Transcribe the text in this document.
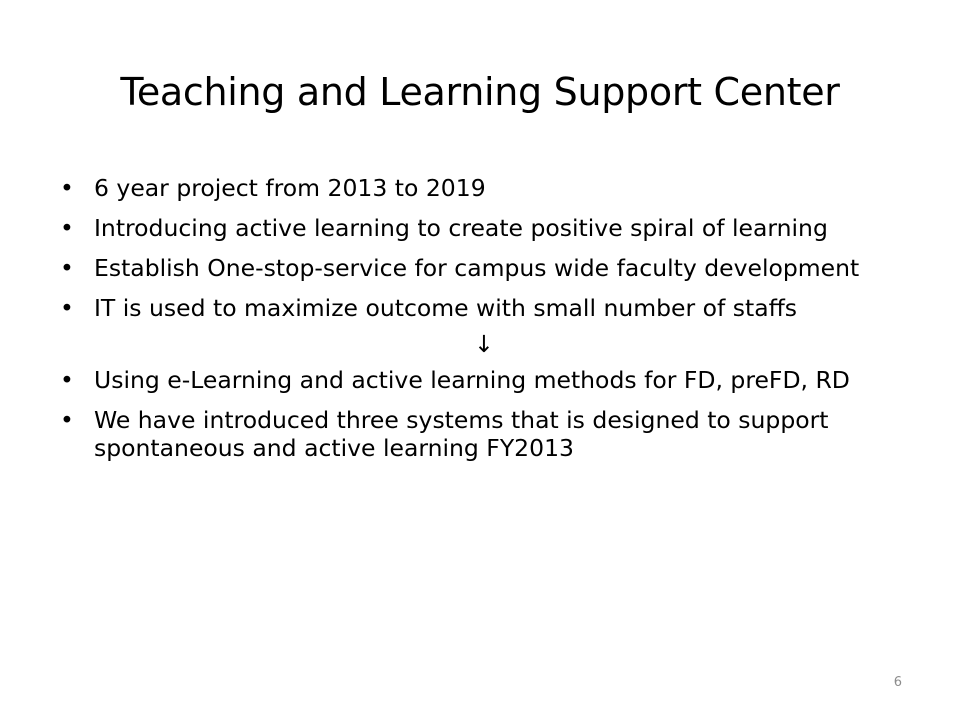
Teaching and Learning Support Center
• 6 year project from 2013 to 2019
• Introducing active learning to create positive spiral of learning
• Establish One-stop-service for campus wide faculty development
• IT is used to maximize outcome with small number of staffs
↓
• Using e-Learning and active learning methods for FD, preFD, RD
• We have introduced three systems that is designed to support spontaneous and active learning FY2013
6
